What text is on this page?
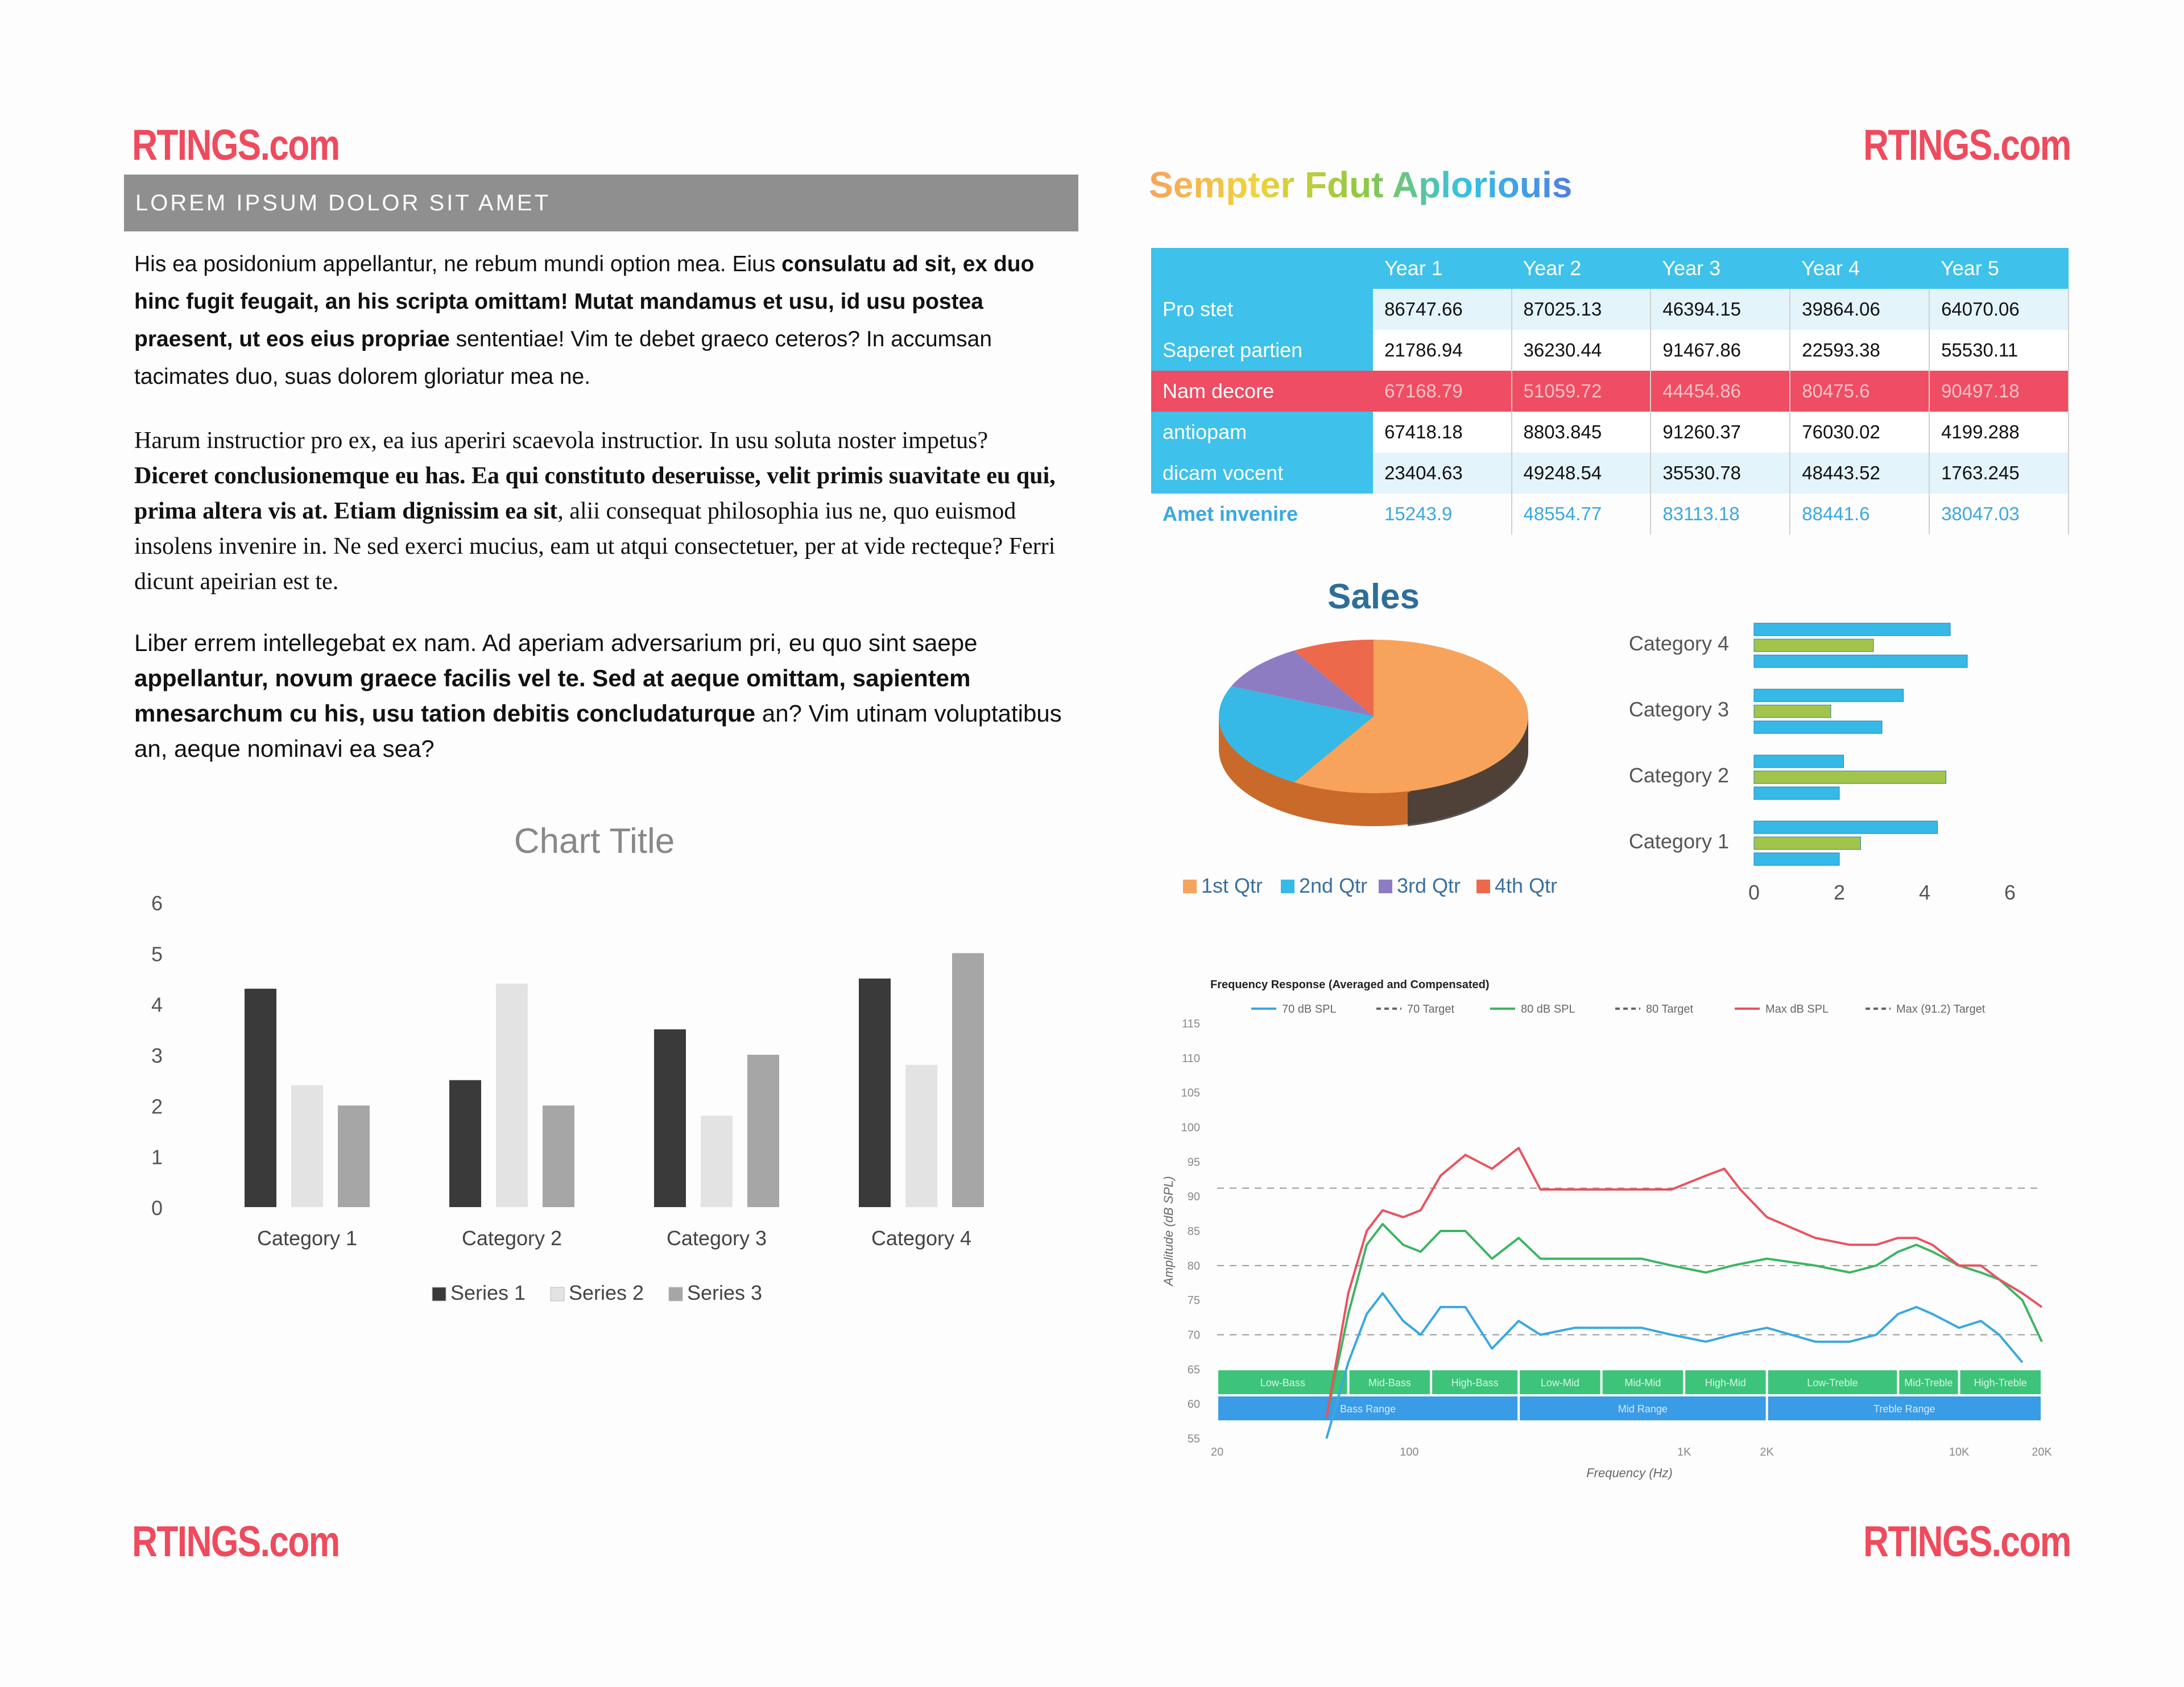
RTINGS.com	RTINGS.com
RTINGS.com	RTINGS.com
LOREM IPSUM DOLOR SIT AMET
His ea posidonium appellantur, ne rebum mundi option mea. Eius consulatu ad sit, ex duo hinc fugit feugait, an his scripta omittam! Mutat mandamus et usu, id usu postea praesent, ut eos eius propriae sententiae! Vim te debet graeco ceteros? In accumsan tacimates duo, suas dolorem gloriatur mea ne.
Harum instructior pro ex, ea ius aperiri scaevola instructior. In usu soluta noster impetus? Diceret conclusionemque eu has. Ea qui constituto deseruisse, velit primis suavitate eu qui, prima altera vis at. Etiam dignissim ea sit, alii consequat philosophia ius ne, quo euismod insolens invenire in. Ne sed exerci mucius, eam ut atqui consectetuer, per at vide recteque? Ferri dicunt apeirian est te.
Liber errem intellegebat ex nam. Ad aperiam adversarium pri, eu quo sint saepe appellantur, novum graece facilis vel te. Sed at aeque omittam, sapientem mnesarchum cu his, usu tation debitis concludaturque an? Vim utinam voluptatibus an, aeque nominavi ea sea?
Chart Title
0
1
2
3
4
5
6
Category 1	Category 2	Category 3	Category 4
Series 1 Series 2 Series 3
Sempter Fdut Aploriouis
	Year 1	Year 2	Year 3	Year 4	Year 5
Pro stet	86747.66	87025.13	46394.15	39864.06	64070.06
Saperet partien	21786.94	36230.44	91467.86	22593.38	55530.11
Nam decore	67168.79	51059.72	44454.86	80475.6	90497.18
antiopam	67418.18	8803.845	91260.37	76030.02	4199.288
dicam vocent	23404.63	49248.54	35530.78	48443.52	1763.245
Amet invenire	15243.9	48554.77	83113.18	88441.6	38047.03
Sales
1st Qtr 2nd Qtr 3rd Qtr 4th Qtr	0	2	4	6
Category 1
Category 2
Category 3
Category 4
Frequency Response (Averaged and Compensated)
70 dB SPL	70 Target	80 dB SPL	80 Target	Max dB SPL	Max (91.2) Target
55
60
65
70
75
80
85
90
95
100
105
110
115
20	100	1K	2K	10K	20K
Frequency (Hz)
Amplitude (dB SPL)
Low-Bass	Mid-Bass	High-Bass	Low-Mid	Mid-Mid	High-Mid	Low-Treble	Mid-Treble High-Treble
Bass Range	Mid Range	Treble Range
